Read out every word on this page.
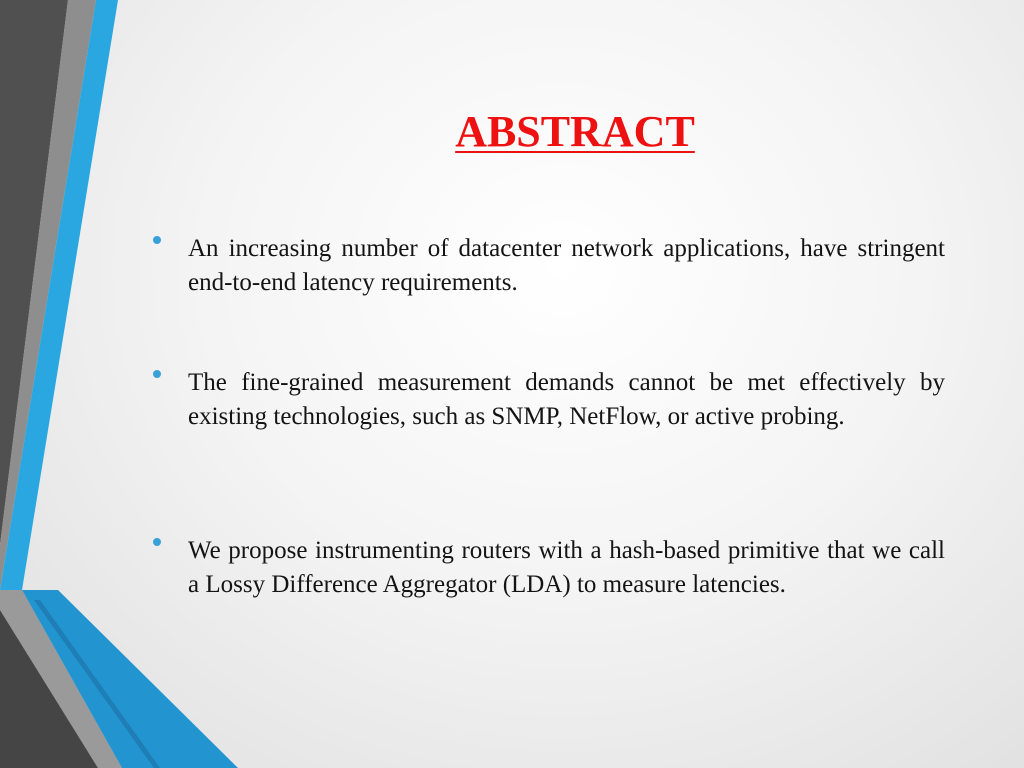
ABSTRACT
An increasing number of datacenter network applications, have stringent end-to-end latency requirements.
The fine-grained measurement demands cannot be met effectively by existing technologies, such as SNMP, NetFlow, or active probing.
We propose instrumenting routers with a hash-based primitive that we call a Lossy Difference Aggregator (LDA) to measure latencies.
